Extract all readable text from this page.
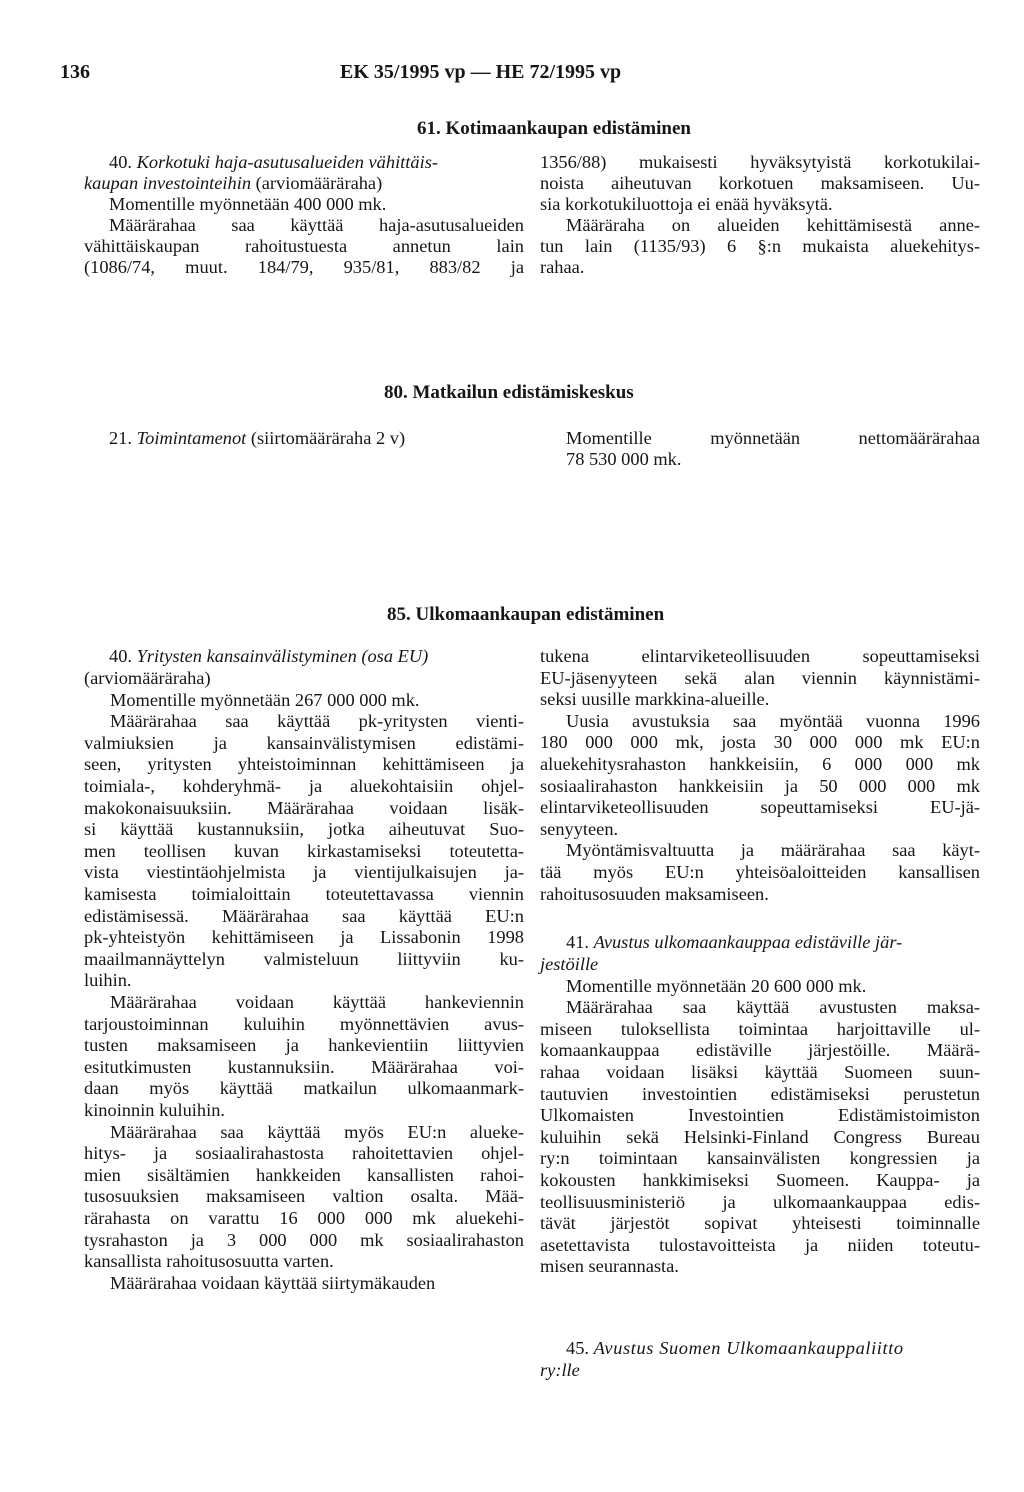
136	EK 35/1995 vp — HE 72/1995 vp
61. Kotimaankaupan edistäminen
40. Korkotuki haja-asutusalueiden vähittäis-
kaupan investointeihin (arviomääräraha)
Momentille myönnetään 400 000 mk.
Määrärahaa saa käyttää haja-asutusalueiden
vähittäiskaupan rahoitustuesta annetun lain
(1086/74, muut. 184/79, 935/81, 883/82 ja
1356/88) mukaisesti hyväksytyistä korkotukilai-
noista aiheutuvan korkotuen maksamiseen. Uu-
sia korkotukiluottoja ei enää hyväksytä.
Määräraha on alueiden kehittämisestä anne-
tun lain (1135/93) 6 §:n mukaista aluekehitys-
rahaa.
80. Matkailun edistämiskeskus
21. Toimintamenot (siirtomääräraha 2 v)	Momentille myönnetään nettomäärärahaa
78 530 000 mk.
85. Ulkomaankaupan edistäminen
40. Yritysten kansainvälistyminen (osa EU)
(arviomääräraha)
Momentille myönnetään 267 000 000 mk.
Määrärahaa saa käyttää pk-yritysten vienti-
valmiuksien ja kansainvälistymisen edistämi-
seen, yritysten yhteistoiminnan kehittämiseen ja
toimiala-, kohderyhmä- ja aluekohtaisiin ohjel-
makokonaisuuksiin. Määrärahaa voidaan lisäk-
si käyttää kustannuksiin, jotka aiheutuvat Suo-
men teollisen kuvan kirkastamiseksi toteutetta-
vista viestintäohjelmista ja vientijulkaisujen ja-
kamisesta toimialoittain toteutettavassa viennin
edistämisessä. Määrärahaa saa käyttää EU:n
pk-yhteistyön kehittämiseen ja Lissabonin 1998
maailmannäyttelyn valmisteluun liittyviin ku-
luihin.
Määrärahaa voidaan käyttää hankeviennin
tarjoustoiminnan kuluihin myönnettävien avus-
tusten maksamiseen ja hankevientiin liittyvien
esitutkimusten kustannuksiin. Määrärahaa voi-
daan myös käyttää matkailun ulkomaanmark-
kinoinnin kuluihin.
Määrärahaa saa käyttää myös EU:n alueke-
hitys- ja sosiaalirahastosta rahoitettavien ohjel-
mien sisältämien hankkeiden kansallisten rahoi-
tusosuuksien maksamiseen valtion osalta. Mää-
rärahasta on varattu 16 000 000 mk aluekehi-
tysrahaston ja 3 000 000 mk sosiaalirahaston
kansallista rahoitusosuutta varten.
Määrärahaa voidaan käyttää siirtymäkauden
tukena elintarviketeollisuuden sopeuttamiseksi
EU-jäsenyyteen sekä alan viennin käynnistämi-
seksi uusille markkina-alueille.
Uusia avustuksia saa myöntää vuonna 1996
180 000 000 mk, josta 30 000 000 mk EU:n
aluekehitysrahaston hankkeisiin, 6 000 000 mk
sosiaalirahaston hankkeisiin ja 50 000 000 mk
elintarviketeollisuuden sopeuttamiseksi EU-jä-
senyyteen.
Myöntämisvaltuutta ja määrärahaa saa käyt-
tää myös EU:n yhteisöaloitteiden kansallisen
rahoitusosuuden maksamiseen.
41. Avustus ulkomaankauppaa edistäville jär-
jestöille
Momentille myönnetään 20 600 000 mk.
Määrärahaa saa käyttää avustusten maksa-
miseen tuloksellista toimintaa harjoittaville ul-
komaankauppaa edistäville järjestöille. Määrä-
rahaa voidaan lisäksi käyttää Suomeen suun-
tautuvien investointien edistämiseksi perustetun
Ulkomaisten Investointien Edistämistoimiston
kuluihin sekä Helsinki-Finland Congress Bureau
ry:n toimintaan kansainvälisten kongressien ja
kokousten hankkimiseksi Suomeen. Kauppa- ja
teollisuusministeriö ja ulkomaankauppaa edis-
tävät järjestöt sopivat yhteisesti toiminnalle
asetettavista tulostavoitteista ja niiden toteutu-
misen seurannasta.
45. Avustus Suomen Ulkomaankauppaliitto
ry:lle
